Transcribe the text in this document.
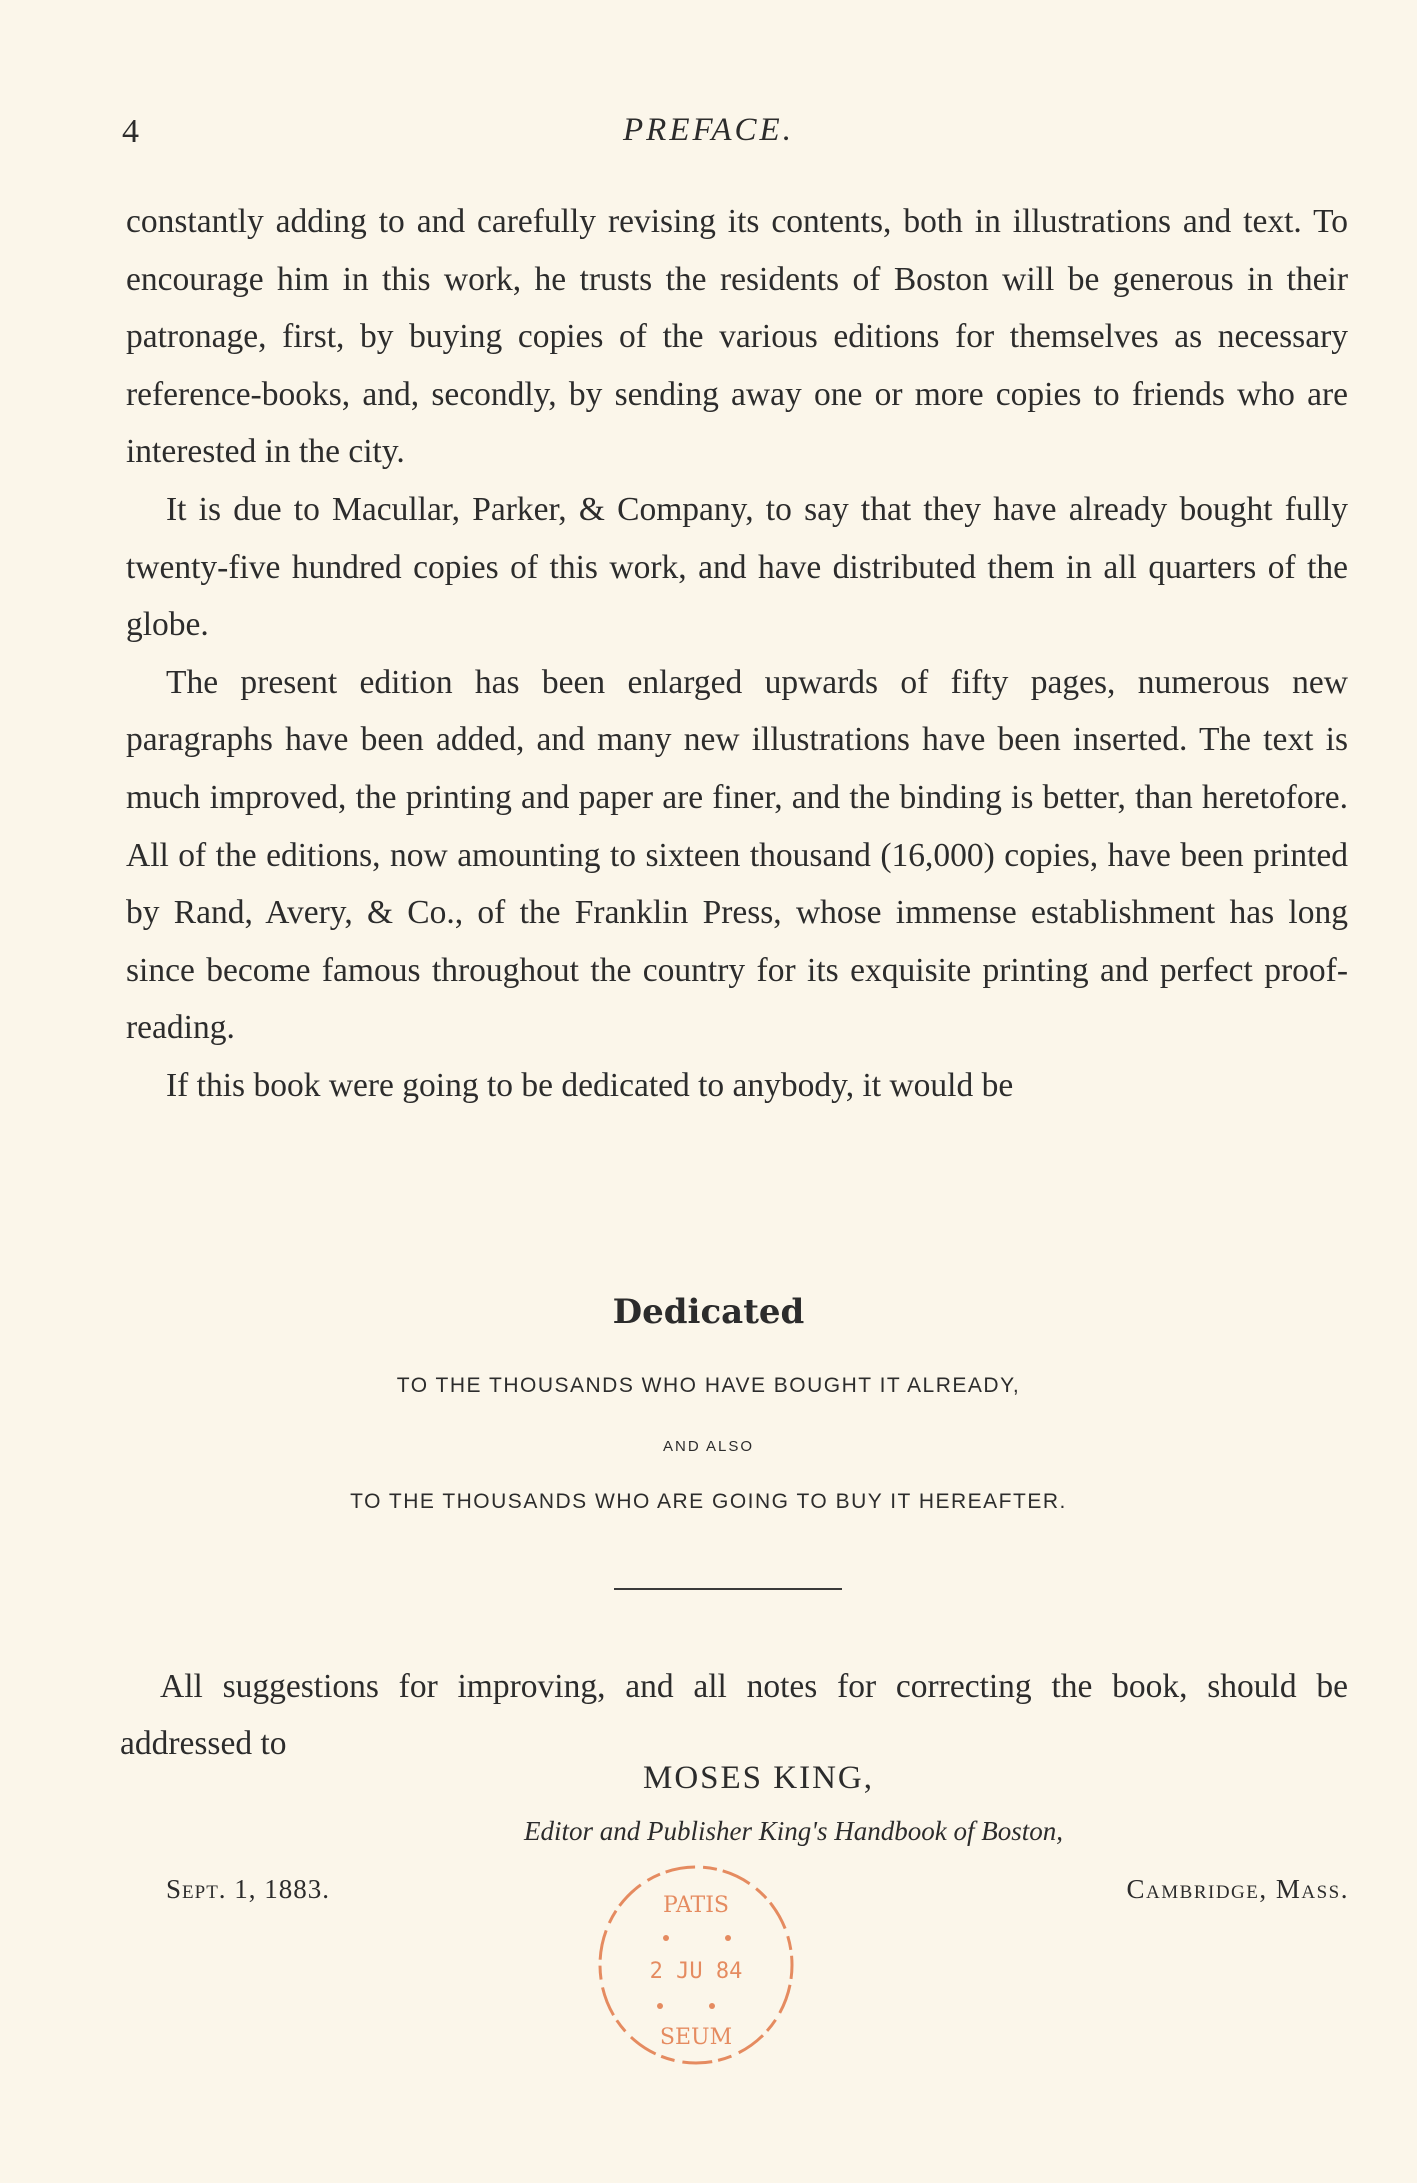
4	PREFACE.

constantly adding to and carefully revising its contents, both in illustrations and text. To encourage him in this work, he trusts the residents of Boston will be generous in their patronage, first, by buying copies of the various editions for themselves as necessary reference-books, and, secondly, by sending away one or more copies to friends who are interested in the city.

It is due to Macullar, Parker, & Company, to say that they have already bought fully twenty-five hundred copies of this work, and have distributed them in all quarters of the globe.

The present edition has been enlarged upwards of fifty pages, numerous new paragraphs have been added, and many new illustrations have been inserted. The text is much improved, the printing and paper are finer, and the binding is better, than heretofore. All of the editions, now amounting to sixteen thousand (16,000) copies, have been printed by Rand, Avery, & Co., of the Franklin Press, whose immense establishment has long since become famous throughout the country for its exquisite printing and perfect proof-reading.

If this book were going to be dedicated to anybody, it would be

Dedicated
TO THE THOUSANDS WHO HAVE BOUGHT IT ALREADY,
AND ALSO
TO THE THOUSANDS WHO ARE GOING TO BUY IT HEREAFTER.

All suggestions for improving, and all notes for correcting the book, should be addressed to

MOSES KING,
Editor and Publisher King's Handbook of Boston,
Sept. 1, 1883.	Cambridge, Mass.
PATIS
2 JU 84
SEUM
